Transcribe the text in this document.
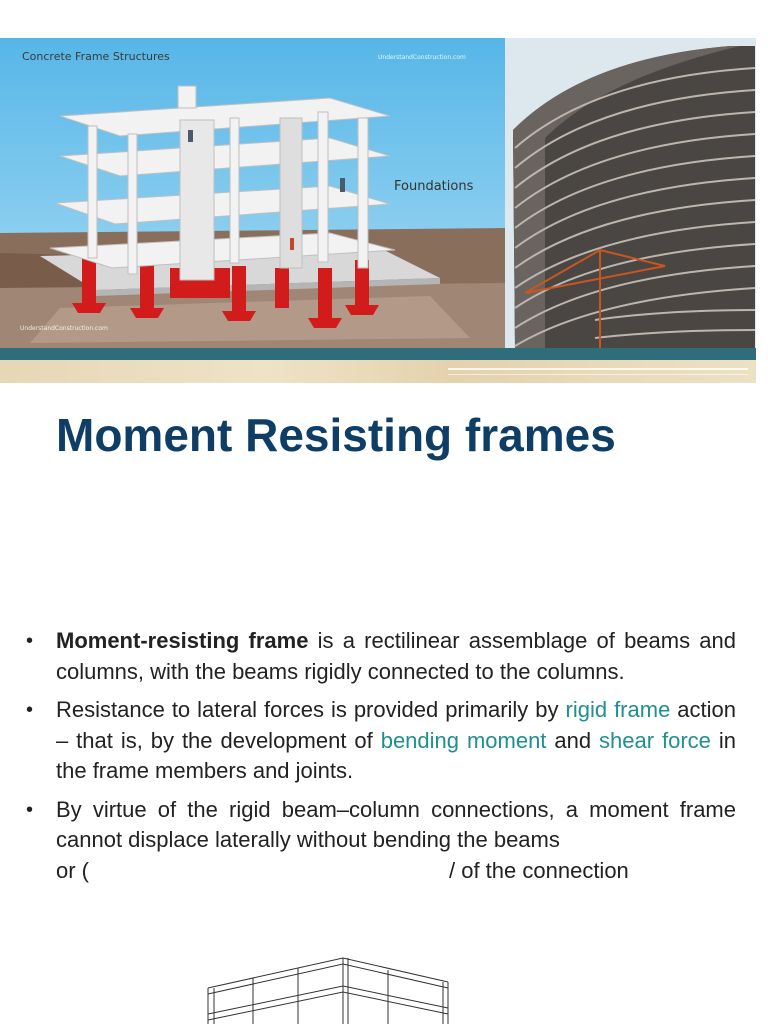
Concrete Frame Structures	UnderstandConstruction.com
UnderstandConstruction.com
Foundations
Moment Resisting frames
• Moment-resisting frame is a rectilinear assemblage of beams and columns, with the beams rigidly connected to the columns.
• Resistance to lateral forces is provided primarily by rigid frame action – that is, by the development of bending moment and shear force in the frame members and joints.
• By virtue of the rigid beam–column connections, a moment frame cannot displace laterally without bending the beams
or (	/ of the connection
